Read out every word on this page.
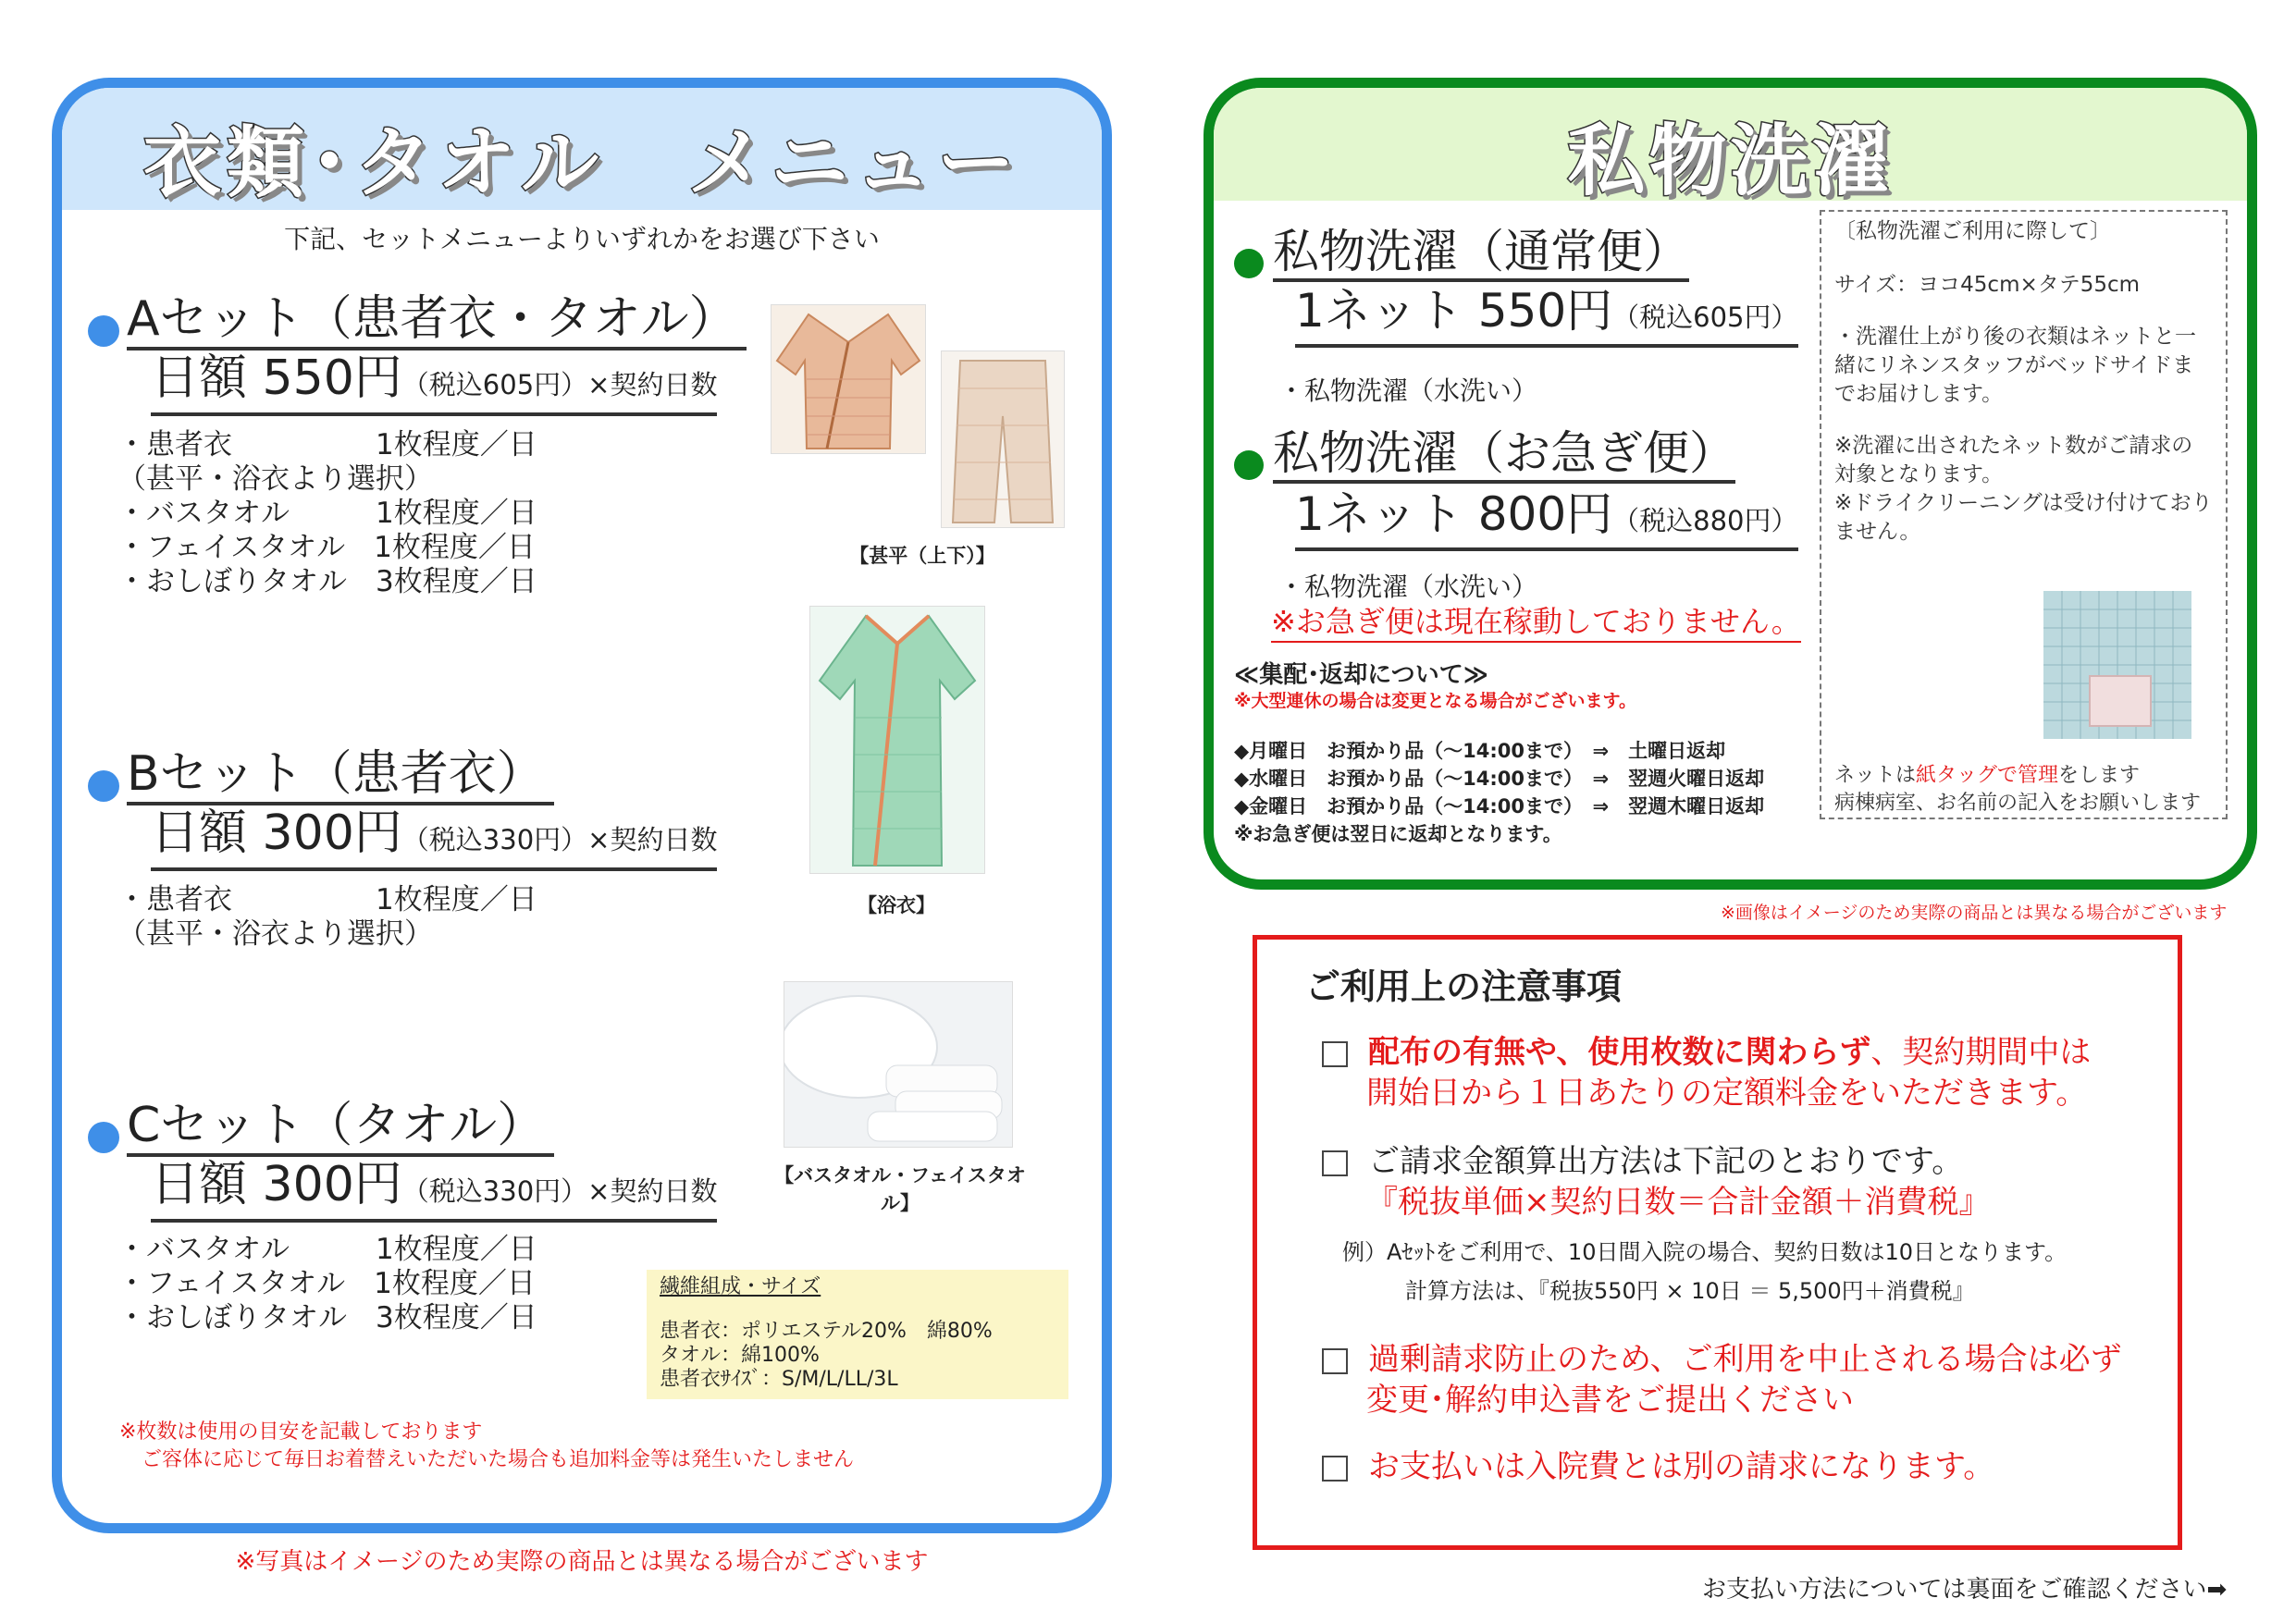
衣類･タオル　メニュー
下記、セットメニューよりいずれかをお選び下さい
Aセット（患者衣・タオル）
日額 550円（税込605円）×契約日数
・患者衣　　　　　1枚程度／日
（甚平・浴衣より選択）
・バスタオル　　　1枚程度／日
・フェイスタオル　1枚程度／日
・おしぼりタオル　3枚程度／日
【甚平（上下）】
【浴衣】
Bセット（患者衣）
日額 300円（税込330円）×契約日数
・患者衣　　　　　1枚程度／日
（甚平・浴衣より選択）
【バスタオル・フェイスタオル】
Cセット（タオル）
日額 300円（税込330円）×契約日数
・バスタオル　　　1枚程度／日
・フェイスタオル　1枚程度／日
・おしぼりタオル　3枚程度／日
繊維組成・サイズ
患者衣：ポリエステル20%　綿80%
タオル：綿100%
患者衣ｻｲｽﾞ：S/M/L/LL/3L
※枚数は使用の目安を記載しております
ご容体に応じて毎日お着替えいただいた場合も追加料金等は発生いたしません
※写真はイメージのため実際の商品とは異なる場合がございます
私物洗濯
私物洗濯（通常便）
1ネット 550円（税込605円）
・私物洗濯（水洗い）
私物洗濯（お急ぎ便）
1ネット 800円（税込880円）
・私物洗濯（水洗い）
※お急ぎ便は現在稼動しておりません。
≪集配･返却について≫
※大型連休の場合は変更となる場合がございます。
◆月曜日　お預かり品（～14:00まで）　⇒　土曜日返却
◆水曜日　お預かり品（～14:00まで）　⇒　翌週火曜日返却
◆金曜日　お預かり品（～14:00まで）　⇒　翌週木曜日返却
※お急ぎ便は翌日に返却となります。
〔私物洗濯ご利用に際して〕
サイズ：ヨコ45cm×タテ55cm
・洗濯仕上がり後の衣類はネットと一緒にリネンスタッフがベッドサイドまでお届けします。
※洗濯に出されたネット数がご請求の対象となります。
※ドライクリーニングは受け付けておりません。
ネットは紙タッグで管理をします
病棟病室、お名前の記入をお願いします
※画像はイメージのため実際の商品とは異なる場合がございます
ご利用上の注意事項
配布の有無や、使用枚数に関わらず、契約期間中は
開始日から１日あたりの定額料金をいただきます。
ご請求金額算出方法は下記のとおりです。
『税抜単価×契約日数＝合計金額＋消費税』
例）Aｾｯﾄをご利用で、10日間入院の場合、契約日数は10日となります。
計算方法は、『税抜550円 × 10日 ＝ 5,500円＋消費税』
過剰請求防止のため、ご利用を中止される場合は必ず
変更･解約申込書をご提出ください
お支払いは入院費とは別の請求になります。
お支払い方法については裏面をご確認ください➡
